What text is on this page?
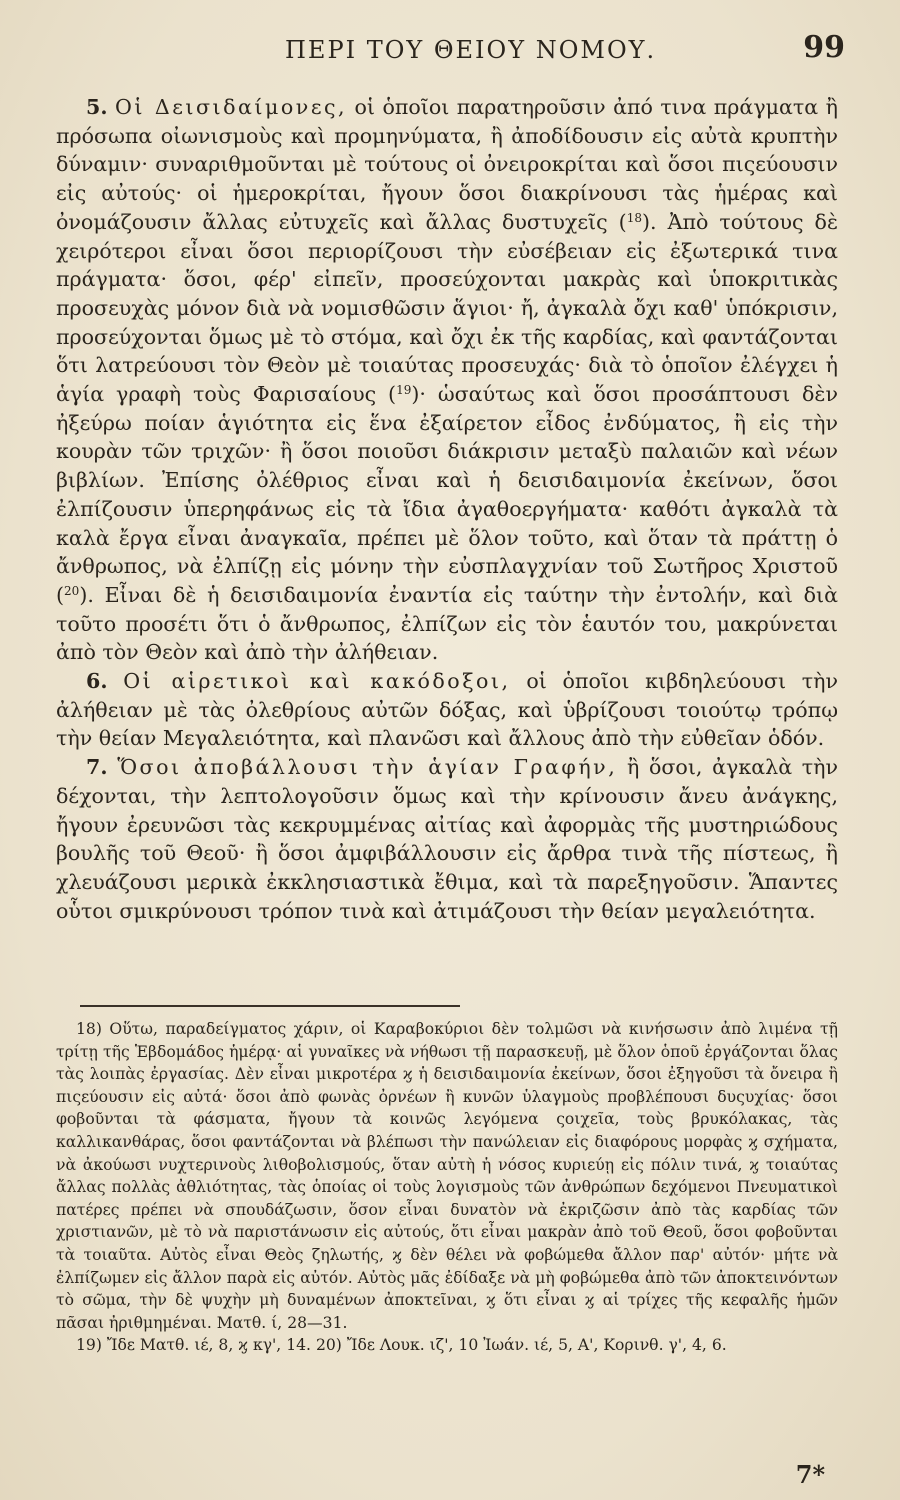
ΠΕΡΙ ΤΟΥ ΘΕΙΟΥ ΝΟΜΟΥ.	99

5. Οἱ Δεισιδαίμονες, οἱ ὁποῖοι παρατηροῦσιν ἀπό τινα πράγματα ἢ πρόσωπα οἰωνισμοὺς καὶ προμηνύματα, ἢ ἀποδίδουσιν εἰς αὐτὰ κρυπτὴν δύναμιν· συναριθμοῦνται μὲ τούτους οἱ ὀνειροκρίται καὶ ὅσοι πιςεύουσιν εἰς αὐτούς· οἱ ἡμεροκρίται, ἤγουν ὅσοι διακρίνουσι τὰς ἡμέρας καὶ ὀνομάζουσιν ἄλλας εὐτυχεῖς καὶ ἄλλας δυστυχεῖς ($^{18}$). Ἀπὸ τούτους δὲ χειρότεροι εἶναι ὅσοι περιορίζουσι τὴν εὐσέβειαν εἰς ἐξωτερικά τινα πράγματα· ὅσοι, φέρ' εἰπεῖν, προσεύχονται μακρὰς καὶ ὑποκριτικὰς προσευχὰς μόνον διὰ νὰ νομισθῶσιν ἅγιοι· ἤ, ἀγκαλὰ ὄχι καθ' ὑπόκρισιν, προσεύχονται ὅμως μὲ τὸ στόμα, καὶ ὄχι ἐκ τῆς καρδίας, καὶ φαντάζονται ὅτι λατρεύουσι τὸν Θεὸν μὲ τοιαύτας προσευχάς· διὰ τὸ ὁποῖον ἐλέγχει ἡ ἁγία γραφὴ τοὺς Φαρισαίους ($^{19}$)· ὡσαύτως καὶ ὅσοι προσάπτουσι δὲν ἠξεύρω ποίαν ἁγιότητα εἰς ἕνα ἐξαίρετον εἶδος ἐνδύματος, ἢ εἰς τὴν κουρὰν τῶν τριχῶν· ἢ ὅσοι ποιοῦσι διάκρισιν μεταξὺ παλαιῶν καὶ νέων βιβλίων. Ἐπίσης ὀλέθριος εἶναι καὶ ἡ δεισιδαιμονία ἐκείνων, ὅσοι ἐλπίζουσιν ὑπερηφάνως εἰς τὰ ἴδια ἀγαθοεργήματα· καθότι ἀγκαλὰ τὰ καλὰ ἔργα εἶναι ἀναγκαῖα, πρέπει μὲ ὅλον τοῦτο, καὶ ὅταν τὰ πράττῃ ὁ ἄνθρωπος, νὰ ἐλπίζῃ εἰς μόνην τὴν εὐσπλαγχνίαν τοῦ Σωτῆρος Χριστοῦ ($^{20}$). Εἶναι δὲ ἡ δεισιδαιμονία ἐναντία εἰς ταύτην τὴν ἐντολήν, καὶ διὰ τοῦτο προσέτι ὅτι ὁ ἄνθρωπος, ἐλπίζων εἰς τὸν ἑαυτόν του, μακρύνεται ἀπὸ τὸν Θεὸν καὶ ἀπὸ τὴν ἀλήθειαν.

6. Οἱ αἱρετικοὶ καὶ κακόδοξοι, οἱ ὁποῖοι κιβδηλεύουσι τὴν ἀλήθειαν μὲ τὰς ὀλεθρίους αὐτῶν δόξας, καὶ ὑβρίζουσι τοιούτῳ τρόπῳ τὴν θείαν Μεγαλειότητα, καὶ πλανῶσι καὶ ἄλλους ἀπὸ τὴν εὐθεῖαν ὁδόν.

7. Ὅσοι ἀποβάλλουσι τὴν ἁγίαν Γραφήν, ἢ ὅσοι, ἀγκαλὰ τὴν δέχονται, τὴν λεπτολογοῦσιν ὅμως καὶ τὴν κρίνουσιν ἄνευ ἀνάγκης, ἤγουν ἐρευνῶσι τὰς κεκρυμμένας αἰτίας καὶ ἀφορμὰς τῆς μυστηριώδους βουλῆς τοῦ Θεοῦ· ἢ ὅσοι ἀμφιβάλλουσιν εἰς ἄρθρα τινὰ τῆς πίστεως, ἢ χλευάζουσι μερικὰ ἐκκλησιαστικὰ ἔθιμα, καὶ τὰ παρεξηγοῦσιν. Ἅπαντες οὗτοι σμικρύνουσι τρόπον τινὰ καὶ ἀτιμάζουσι τὴν θείαν μεγαλειότητα.

18) Οὕτω, παραδείγματος χάριν, οἱ Καραβοκύριοι δὲν τολμῶσι νὰ κινήσωσιν ἀπὸ λιμένα τῇ τρίτῃ τῆς Ἑβδομάδος ἡμέρᾳ· αἱ γυναῖκες νὰ νήθωσι τῇ παρασκευῇ, μὲ ὅλον ὁποῦ ἐργάζονται ὅλας τὰς λοιπὰς ἐργασίας. Δὲν εἶναι μικροτέρα ϗ ἡ δεισιδαιμονία ἐκείνων, ὅσοι ἐξηγοῦσι τὰ ὄνειρα ἢ πιςεύουσιν εἰς αὐτά· ὅσοι ἀπὸ φωνὰς ὀρνέων ἢ κυνῶν ὑλαγμοὺς προβλέπουσι δυςυχίας· ὅσοι φοβοῦνται τὰ φάσματα, ἤγουν τὰ κοινῶς λεγόμενα ςοιχεῖα, τοὺς βρυκόλακας, τὰς καλλικανθάρας, ὅσοι φαντάζονται νὰ βλέπωσι τὴν πανώλειαν εἰς διαφόρους μορφὰς ϗ σχήματα, νὰ ἀκούωσι νυχτερινοὺς λιθοβολισμούς, ὅταν αὐτὴ ἡ νόσος κυριεύῃ εἰς πόλιν τινά, ϗ τοιαύτας ἄλλας πολλὰς ἀθλιότητας, τὰς ὁποίας οἱ τοὺς λογισμοὺς τῶν ἀνθρώπων δεχόμενοι Πνευματικοὶ πατέρες πρέπει νὰ σπουδάζωσιν, ὅσον εἶναι δυνατὸν νὰ ἐκριζῶσιν ἀπὸ τὰς καρδίας τῶν χριστιανῶν, μὲ τὸ νὰ παριστάνωσιν εἰς αὐτούς, ὅτι εἶναι μακρὰν ἀπὸ τοῦ Θεοῦ, ὅσοι φοβοῦνται τὰ τοιαῦτα. Αὐτὸς εἶναι Θεὸς ζηλωτής, ϗ δὲν θέλει νὰ φοβώμεθα ἄλλον παρ' αὐτόν· μήτε νὰ ἐλπίζωμεν εἰς ἄλλον παρὰ εἰς αὐτόν. Αὐτὸς μᾶς ἐδίδαξε νὰ μὴ φοβώμεθα ἀπὸ τῶν ἀποκτεινόντων τὸ σῶμα, τὴν δὲ ψυχὴν μὴ δυναμένων ἀποκτεῖναι, ϗ ὅτι εἶναι ϗ αἱ τρίχες τῆς κεφαλῆς ἡμῶν πᾶσαι ἠριθμημέναι. Ματθ. ί, 28—31.

19) Ἴδε Ματθ. ιέ, 8, ϗ κγ', 14. 20) Ἴδε Λουκ. ιζ', 10 Ἰωάν. ιέ, 5, Α', Κορινθ. γ', 4, 6.

7*
